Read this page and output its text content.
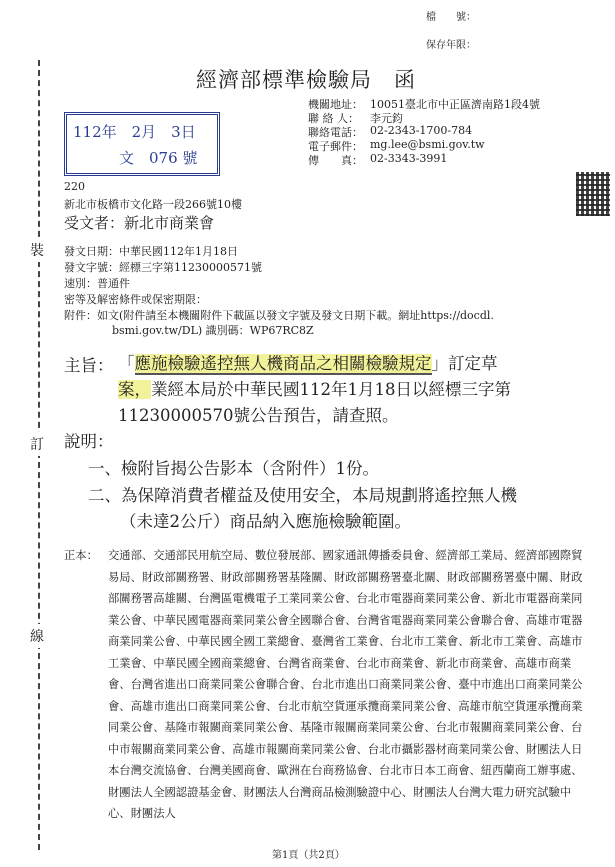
檔　　號：
保存年限：
裝
訂
線
經濟部標準檢驗局　函
112年　2月　3日
文　076 號
機關地址： 10051臺北市中正區濟南路1段4號
聯 絡 人： 李元鈞
聯絡電話： 02-2343-1700-784
電子郵件： mg.lee@bsmi.gov.tw
傳　　真： 02-3343-3991
220
新北市板橋市文化路一段266號10樓
受文者：新北市商業會
發文日期：中華民國112年1月18日
發文字號：經標三字第11230000571號
速別：普通件
密等及解密條件或保密期限：
附件：如文(附件請至本機關附件下載區以發文字號及發文日期下載。網址https://docdl.
bsmi.gov.tw/DL) 識別碼：WP67RC8Z
主旨： 「應施檢驗遙控無人機商品之相關檢驗規定」訂定草
案，業經本局於中華民國112年1月18日以經標三字第
11230000570號公告預告，請查照。
說明：
一、檢附旨揭公告影本（含附件）1份。
二、為保障消費者權益及使用安全，本局規劃將遙控無人機
（未達2公斤）商品納入應施檢驗範圍。
正本： 交通部、交通部民用航空局、數位發展部、國家通訊傳播委員會、經濟部工業局、經濟部國際貿易局、財政部關務署、財政部關務署基隆關、財政部關務署臺北關、財政部關務署臺中關、財政部關務署高雄關、台灣區電機電子工業同業公會、台北市電器商業同業公會、新北市電器商業同業公會、中華民國電器商業同業公會全國聯合會、台灣省電器商業同業公會聯合會、高雄市電器商業同業公會、中華民國全國工業總會、臺灣省工業會、台北市工業會、新北市工業會、高雄市工業會、中華民國全國商業總會、台灣省商業會、台北市商業會、新北市商業會、高雄市商業會、台灣省進出口商業同業公會聯合會、台北市進出口商業同業公會、臺中市進出口商業同業公會、高雄市進出口商業同業公會、台北市航空貨運承攬商業同業公會、高雄市航空貨運承攬商業同業公會、基隆市報關商業同業公會、基隆市報關商業同業公會、台北市報關商業同業公會、台中市報關商業同業公會、高雄市報關商業同業公會、台北市攝影器材商業同業公會、財團法人日本台灣交流協會、台灣美國商會、歐洲在台商務協會、台北市日本工商會、紐西蘭商工辦事處、財團法人全國認證基金會、財團法人台灣商品檢測驗證中心、財團法人台灣大電力研究試驗中心、財團法人
第1頁（共2頁）
